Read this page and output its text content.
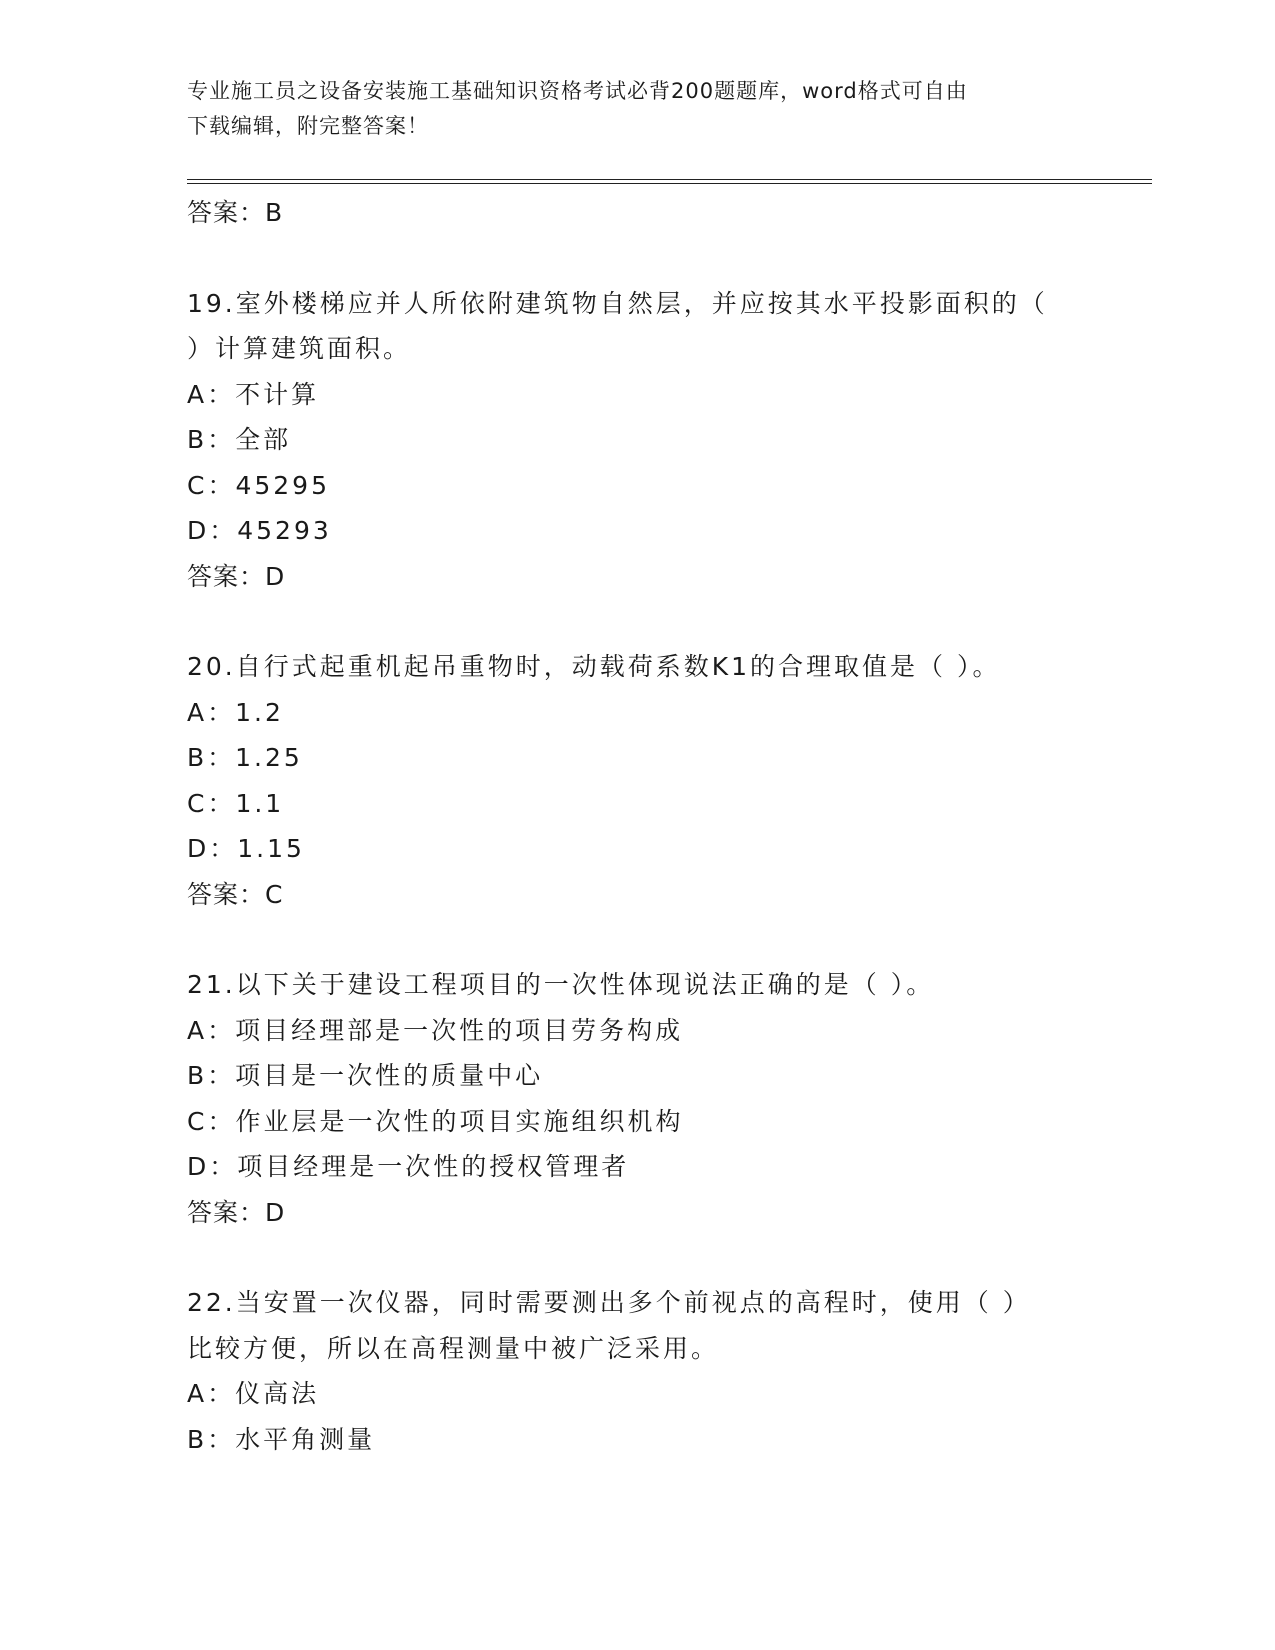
专业施工员之设备安装施工基础知识资格考试必背200题题库，word格式可自由
下载编辑，附完整答案！
答案：B
19.室外楼梯应并人所依附建筑物自然层，并应按其水平投影面积的（
）计算建筑面积。
A：不计算
B：全部
C：45295
D：45293
答案：D
20.自行式起重机起吊重物时，动载荷系数K1的合理取值是（ ）。
A：1.2
B：1.25
C：1.1
D：1.15
答案：C
21.以下关于建设工程项目的一次性体现说法正确的是（ ）。
A：项目经理部是一次性的项目劳务构成
B：项目是一次性的质量中心
C：作业层是一次性的项目实施组织机构
D：项目经理是一次性的授权管理者
答案：D
22.当安置一次仪器，同时需要测出多个前视点的高程时，使用（ ）
比较方便，所以在高程测量中被广泛采用。
A：仪高法
B：水平角测量
